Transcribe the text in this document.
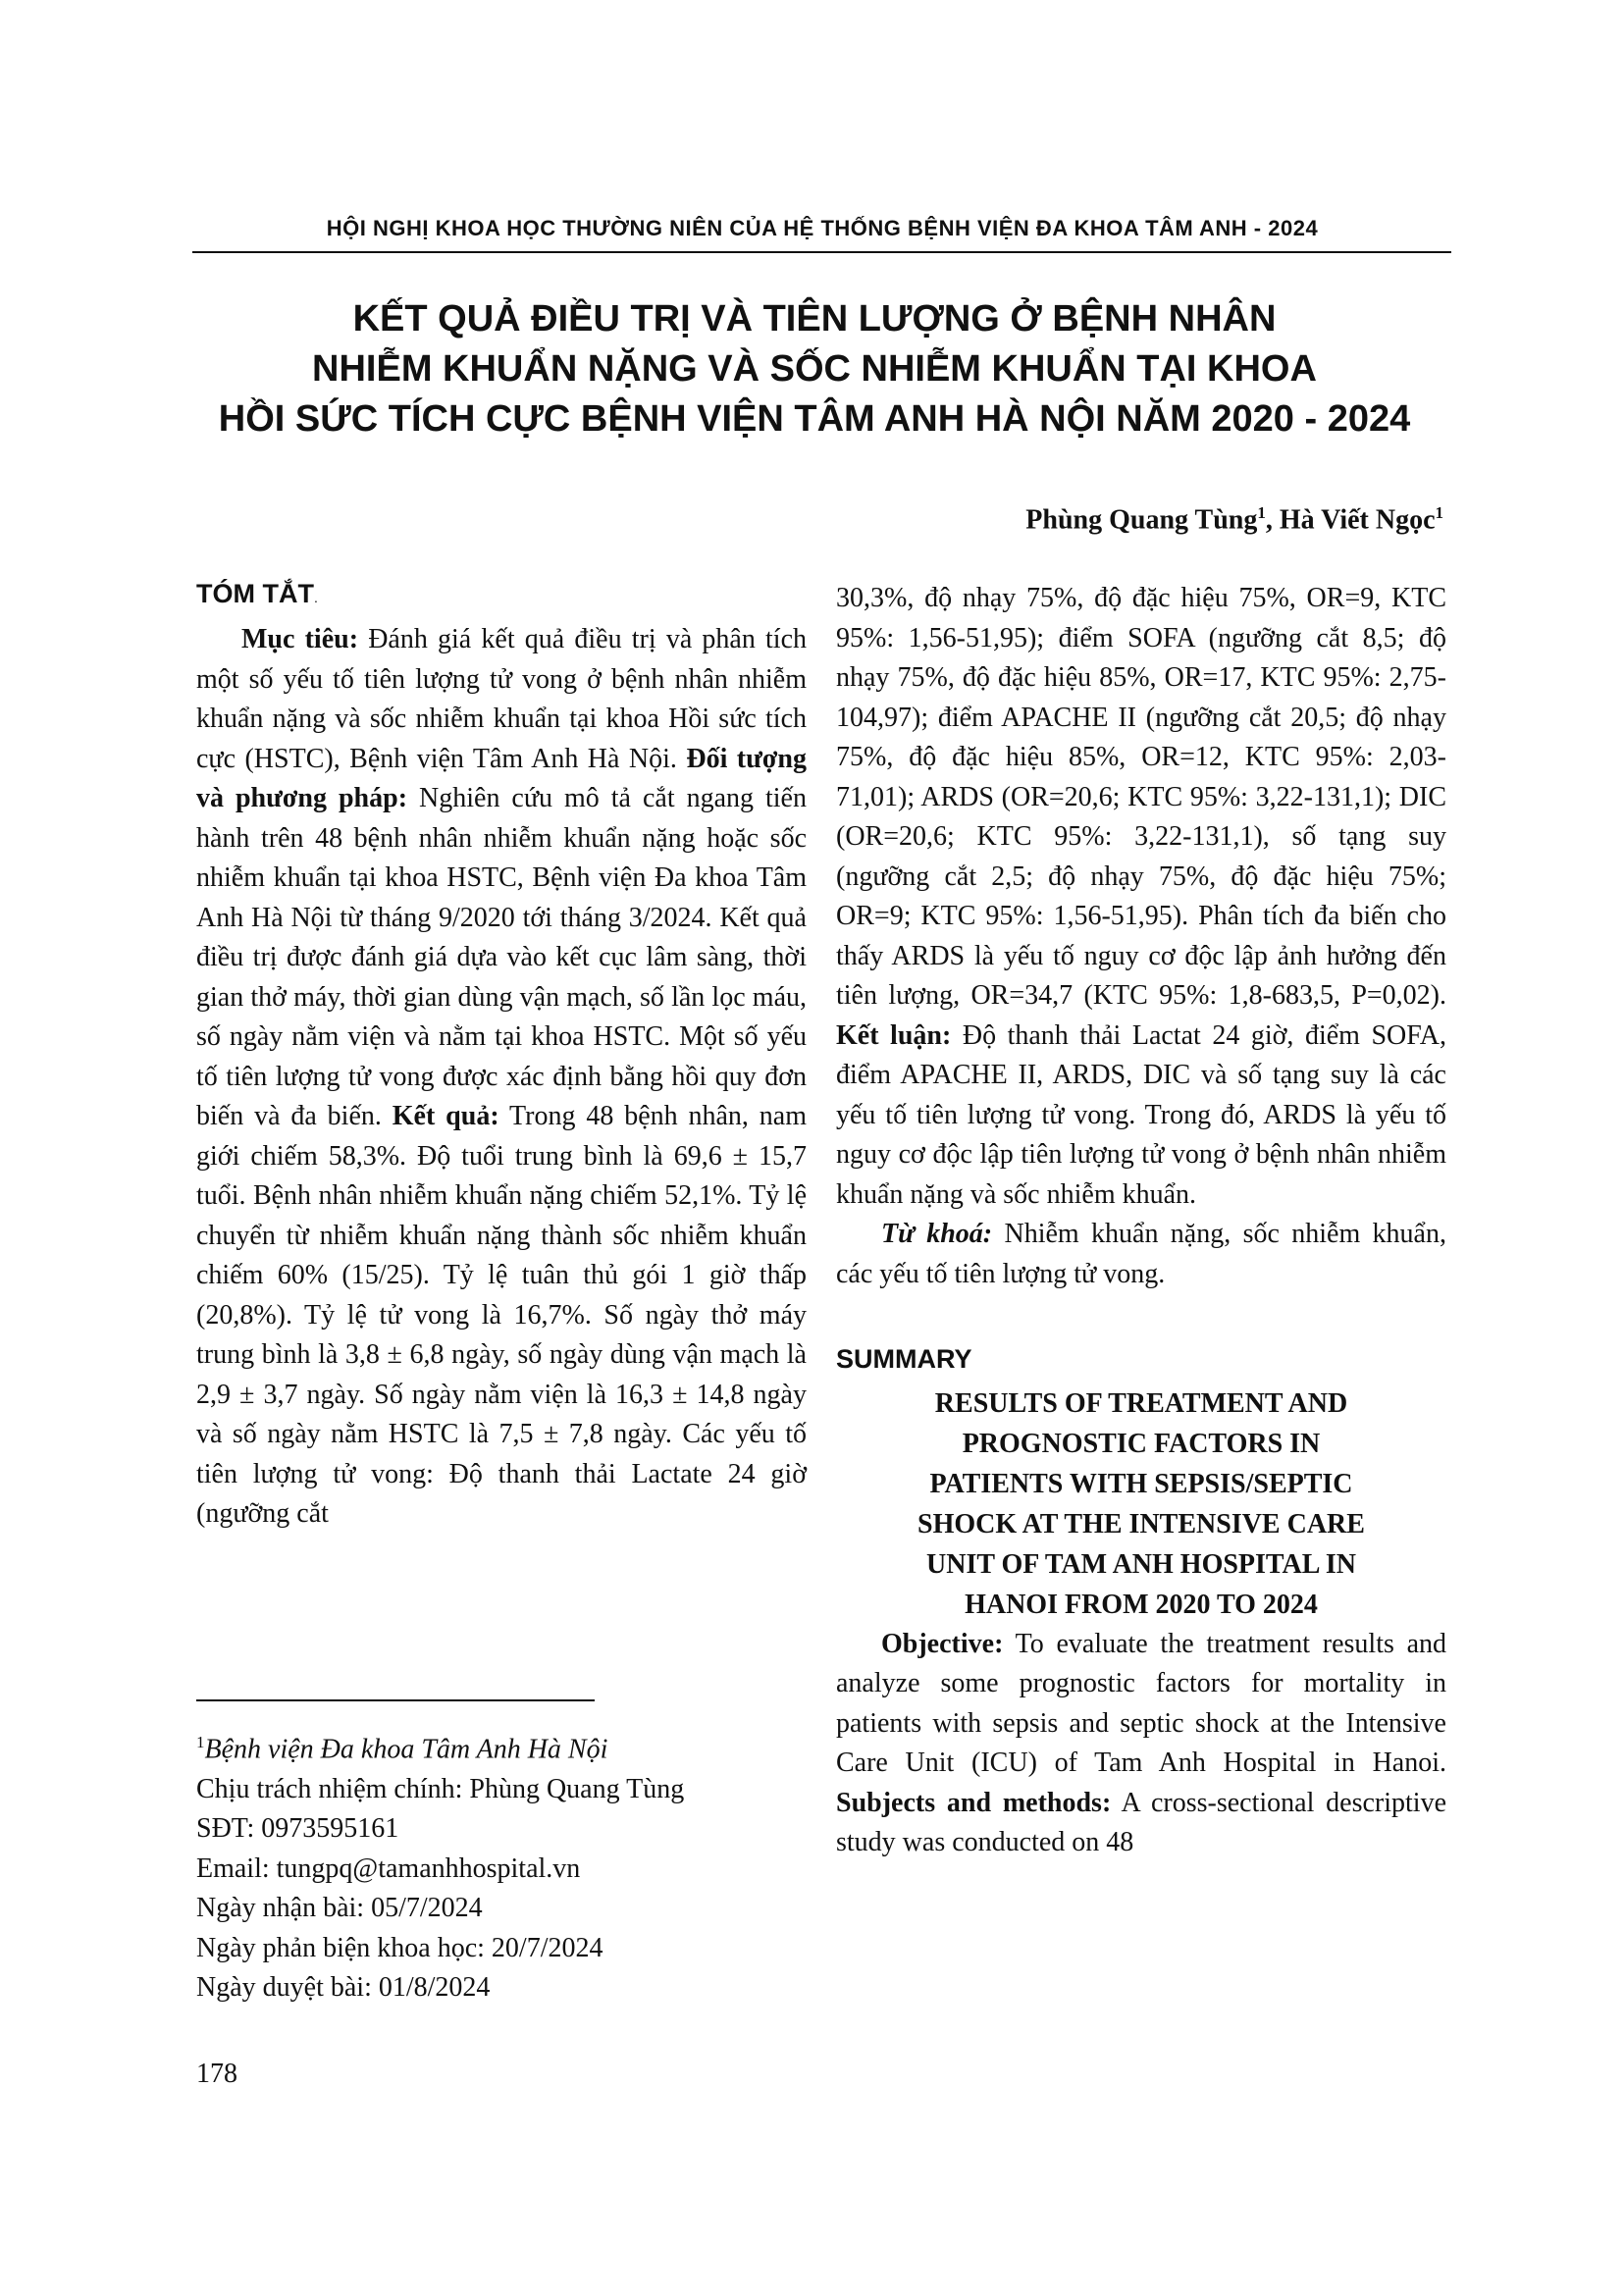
HỘI NGHỊ KHOA HỌC THƯỜNG NIÊN CỦA HỆ THỐNG BỆNH VIỆN ĐA KHOA TÂM ANH - 2024
KẾT QUẢ ĐIỀU TRỊ VÀ TIÊN LƯỢNG Ở BỆNH NHÂN
NHIỄM KHUẨN NẶNG VÀ SỐC NHIỄM KHUẨN TẠI KHOA
HỒI SỨC TÍCH CỰC BỆNH VIỆN TÂM ANH HÀ NỘI NĂM 2020 - 2024
Phùng Quang Tùng$^1$, Hà Viết Ngọc$^1$
TÓM TẮT.

Mục tiêu: Đánh giá kết quả điều trị và phân tích một số yếu tố tiên lượng tử vong ở bệnh nhân nhiễm khuẩn nặng và sốc nhiễm khuẩn tại khoa Hồi sức tích cực (HSTC), Bệnh viện Tâm Anh Hà Nội. Đối tượng và phương pháp: Nghiên cứu mô tả cắt ngang tiến hành trên 48 bệnh nhân nhiễm khuẩn nặng hoặc sốc nhiễm khuẩn tại khoa HSTC, Bệnh viện Đa khoa Tâm Anh Hà Nội từ tháng 9/2020 tới tháng 3/2024. Kết quả điều trị được đánh giá dựa vào kết cục lâm sàng, thời gian thở máy, thời gian dùng vận mạch, số lần lọc máu, số ngày nằm viện và nằm tại khoa HSTC. Một số yếu tố tiên lượng tử vong được xác định bằng hồi quy đơn biến và đa biến. Kết quả: Trong 48 bệnh nhân, nam giới chiếm 58,3%. Độ tuổi trung bình là 69,6 ± 15,7 tuổi. Bệnh nhân nhiễm khuẩn nặng chiếm 52,1%. Tỷ lệ chuyển từ nhiễm khuẩn nặng thành sốc nhiễm khuẩn chiếm 60% (15/25). Tỷ lệ tuân thủ gói 1 giờ thấp (20,8%). Tỷ lệ tử vong là 16,7%. Số ngày thở máy trung bình là 3,8 ± 6,8 ngày, số ngày dùng vận mạch là 2,9 ± 3,7 ngày. Số ngày nằm viện là 16,3 ± 14,8 ngày và số ngày nằm HSTC là 7,5 ± 7,8 ngày. Các yếu tố tiên lượng tử vong: Độ thanh thải Lactate 24 giờ (ngưỡng cắt

$^1$Bệnh viện Đa khoa Tâm Anh Hà Nội
Chịu trách nhiệm chính: Phùng Quang Tùng
SĐT: 0973595161
Email: tungpq@tamanhhospital.vn
Ngày nhận bài: 05/7/2024
Ngày phản biện khoa học: 20/7/2024
Ngày duyệt bài: 01/8/2024

30,3%, độ nhạy 75%, độ đặc hiệu 75%, OR=9, KTC 95%: 1,56-51,95); điểm SOFA (ngưỡng cắt 8,5; độ nhạy 75%, độ đặc hiệu 85%, OR=17, KTC 95%: 2,75-104,97); điểm APACHE II (ngưỡng cắt 20,5; độ nhạy 75%, độ đặc hiệu 85%, OR=12, KTC 95%: 2,03-71,01); ARDS (OR=20,6; KTC 95%: 3,22-131,1); DIC (OR=20,6; KTC 95%: 3,22-131,1), số tạng suy (ngưỡng cắt 2,5; độ nhạy 75%, độ đặc hiệu 75%; OR=9; KTC 95%: 1,56-51,95). Phân tích đa biến cho thấy ARDS là yếu tố nguy cơ độc lập ảnh hưởng đến tiên lượng, OR=34,7 (KTC 95%: 1,8-683,5, P=0,02). Kết luận: Độ thanh thải Lactat 24 giờ, điểm SOFA, điểm APACHE II, ARDS, DIC và số tạng suy là các yếu tố tiên lượng tử vong. Trong đó, ARDS là yếu tố nguy cơ độc lập tiên lượng tử vong ở bệnh nhân nhiễm khuẩn nặng và sốc nhiễm khuẩn.

Từ khoá: Nhiễm khuẩn nặng, sốc nhiễm khuẩn, các yếu tố tiên lượng tử vong.

SUMMARY

RESULTS OF TREATMENT AND
PROGNOSTIC FACTORS IN
PATIENTS WITH SEPSIS/SEPTIC
SHOCK AT THE INTENSIVE CARE
UNIT OF TAM ANH HOSPITAL IN
HANOI FROM 2020 TO 2024

Objective: To evaluate the treatment results and analyze some prognostic factors for mortality in patients with sepsis and septic shock at the Intensive Care Unit (ICU) of Tam Anh Hospital in Hanoi. Subjects and methods: A cross-sectional descriptive study was conducted on 48

178
